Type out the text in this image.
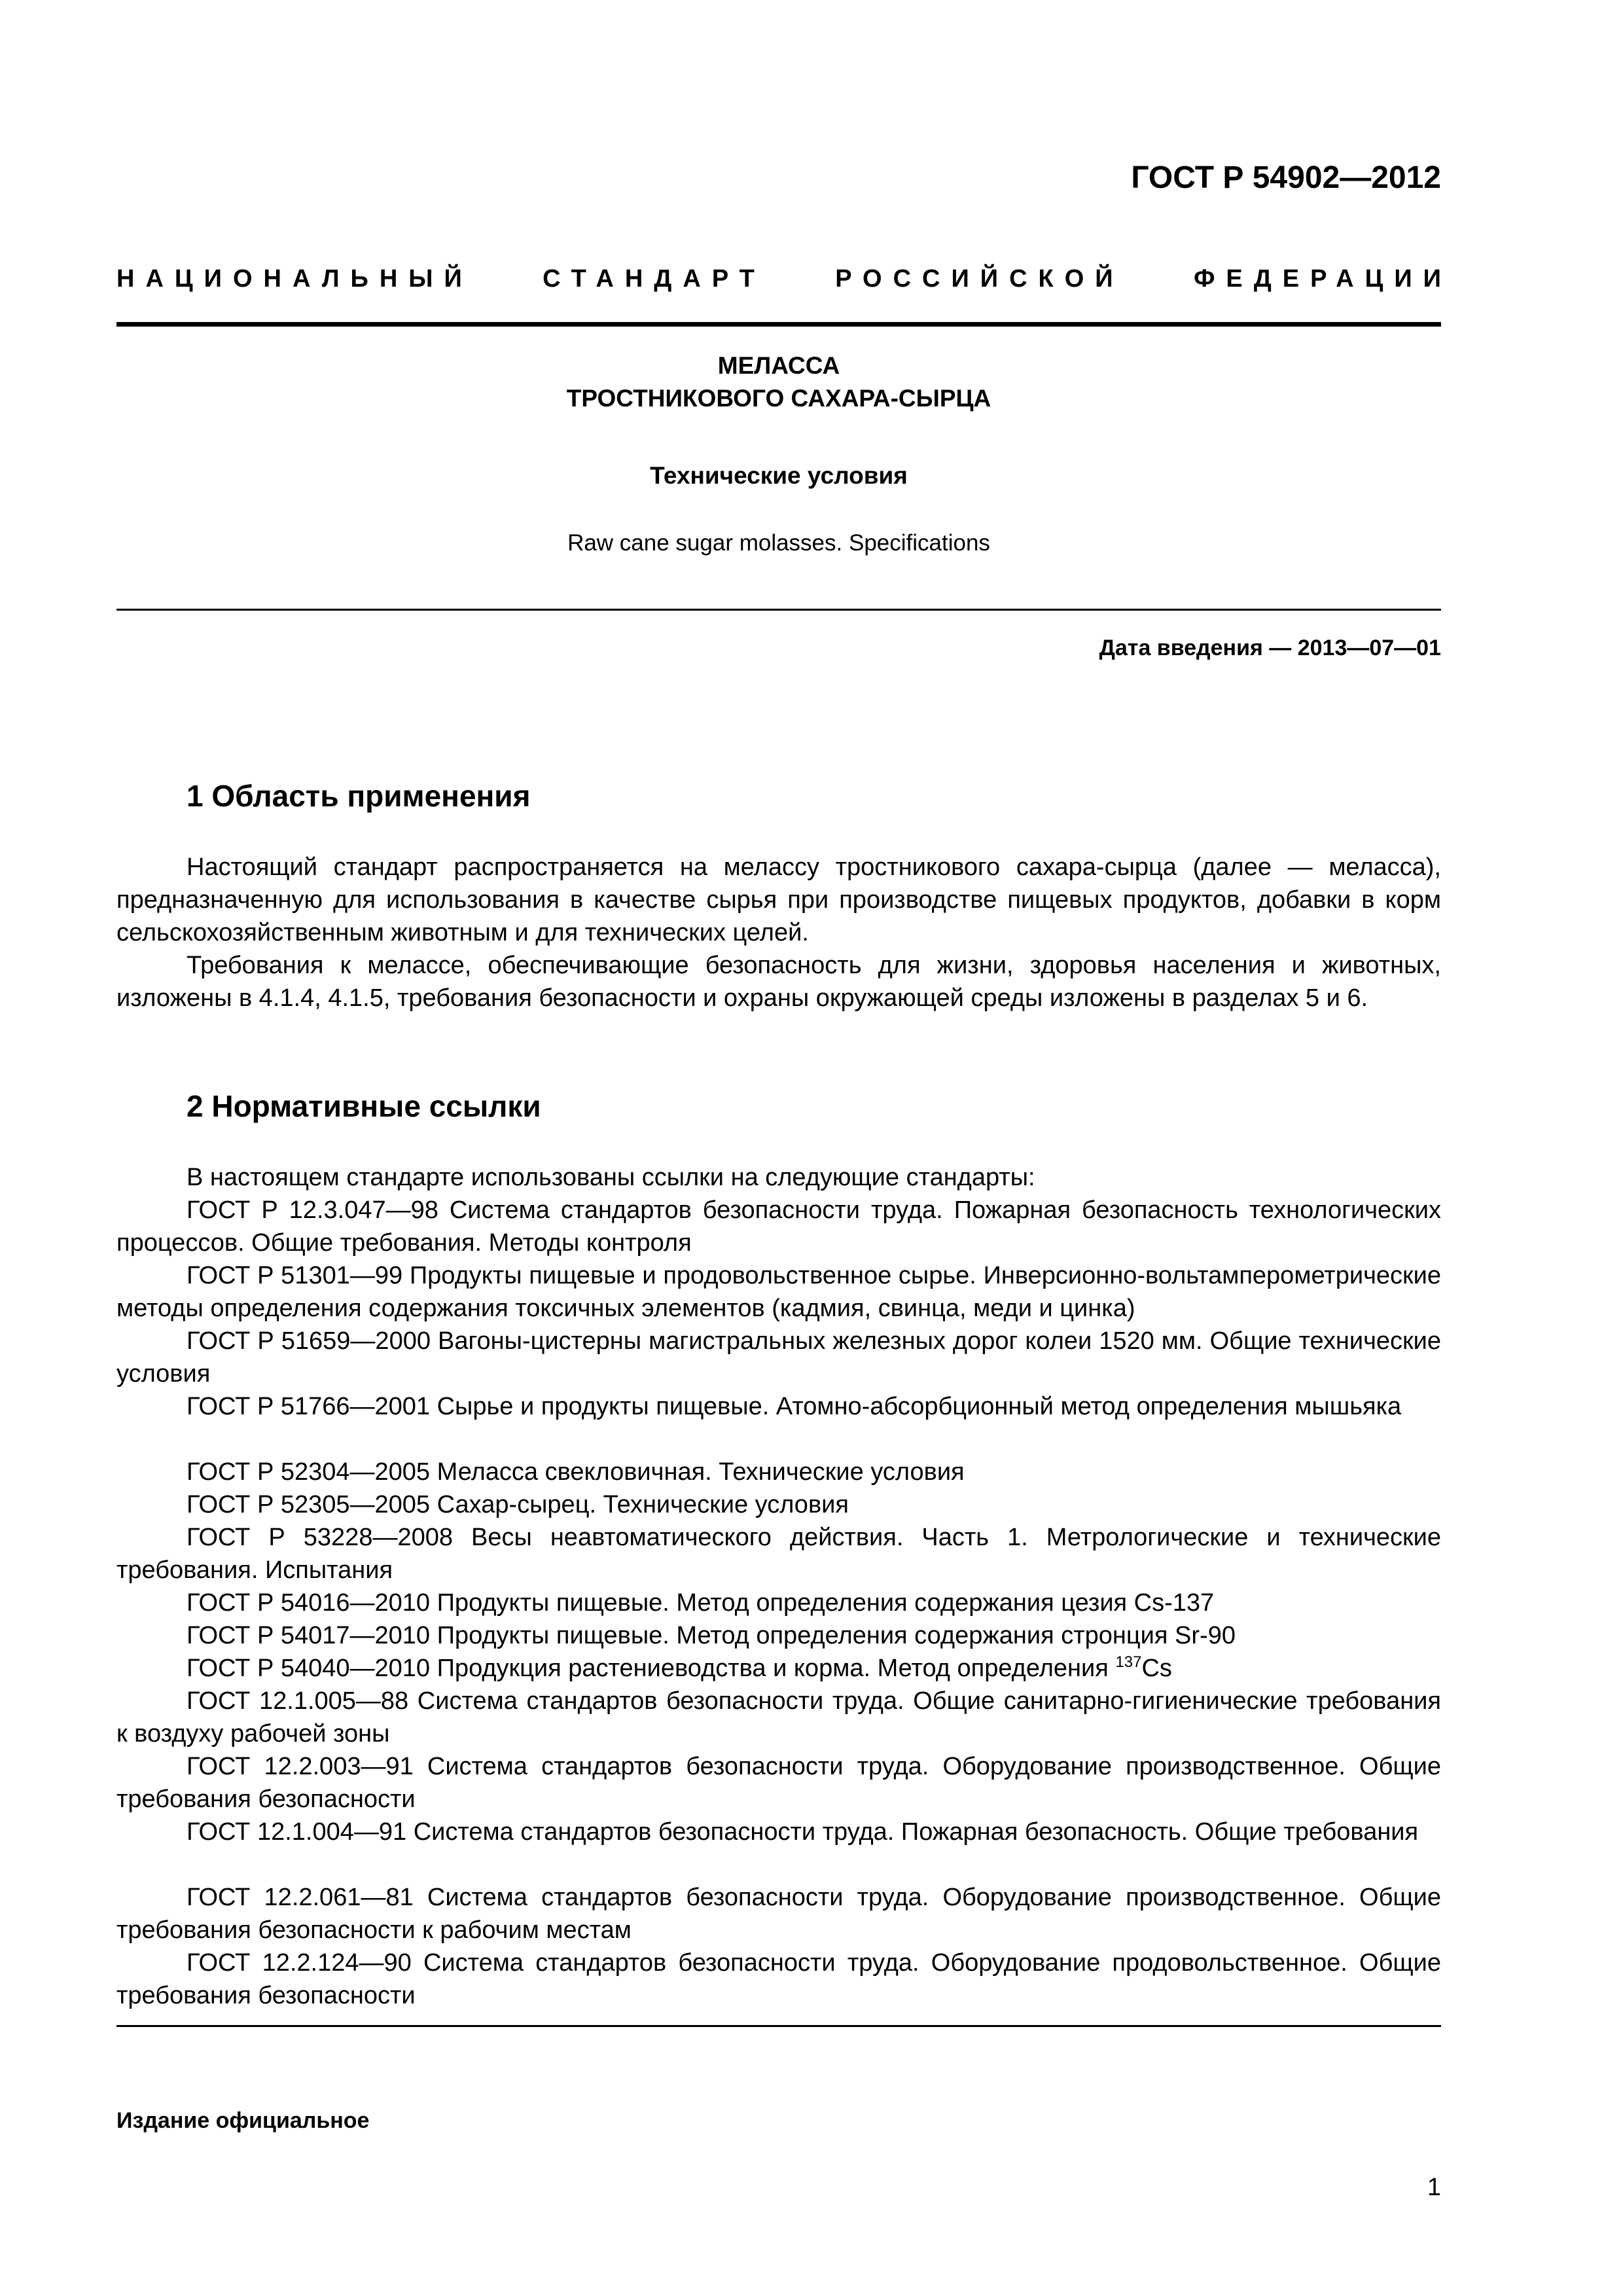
ГОСТ Р 54902—2012
НАЦИОНАЛЬНЫЙ	СТАНДАРТ	РОССИЙСКОЙ	ФЕДЕРАЦИИ
МЕЛАССА
ТРОСТНИКОВОГО САХАРА-СЫРЦА
Технические условия
Raw cane sugar molasses. Specifications
Дата введения — 2013—07—01
1 Область применения

Настоящий стандарт распространяется на мелассу тростникового сахара-сырца (далее — меласса), предназначенную для использования в качестве сырья при производстве пищевых продуктов, добавки в корм сельскохозяйственным животным и для технических целей.

Требования к мелассе, обеспечивающие безопасность для жизни, здоровья населения и животных, изложены в 4.1.4, 4.1.5, требования безопасности и охраны окружающей среды изложены в разделах 5 и 6.

2 Нормативные ссылки

В настоящем стандарте использованы ссылки на следующие стандарты:

ГОСТ Р 12.3.047—98 Система стандартов безопасности труда. Пожарная безопасность технологических процессов. Общие требования. Методы контроля

ГОСТ Р 51301—99 Продукты пищевые и продовольственное сырье. Инверсионно-вольтамперометрические методы определения содержания токсичных элементов (кадмия, свинца, меди и цинка)

ГОСТ Р 51659—2000 Вагоны-цистерны магистральных железных дорог колеи 1520 мм. Общие технические условия

ГОСТ Р 51766—2001 Сырье и продукты пищевые. Атомно-абсорбционный метод определения мышьяка

ГОСТ Р 52304—2005 Меласса свекловичная. Технические условия

ГОСТ Р 52305—2005 Сахар-сырец. Технические условия

ГОСТ Р 53228—2008 Весы неавтоматического действия. Часть 1. Метрологические и технические требования. Испытания

ГОСТ Р 54016—2010 Продукты пищевые. Метод определения содержания цезия Cs-137

ГОСТ Р 54017—2010 Продукты пищевые. Метод определения содержания стронция Sr-90

ГОСТ Р 54040—2010 Продукция растениеводства и корма. Метод определения $^{137}$Cs

ГОСТ 12.1.005—88 Система стандартов безопасности труда. Общие санитарно-гигиенические требования к воздуху рабочей зоны

ГОСТ 12.2.003—91 Система стандартов безопасности труда. Оборудование производственное. Общие требования безопасности

ГОСТ 12.1.004—91 Система стандартов безопасности труда. Пожарная безопасность. Общие требования

ГОСТ 12.2.061—81 Система стандартов безопасности труда. Оборудование производственное. Общие требования безопасности к рабочим местам

ГОСТ 12.2.124—90 Система стандартов безопасности труда. Оборудование продовольственное. Общие требования безопасности

Издание официальное
1
